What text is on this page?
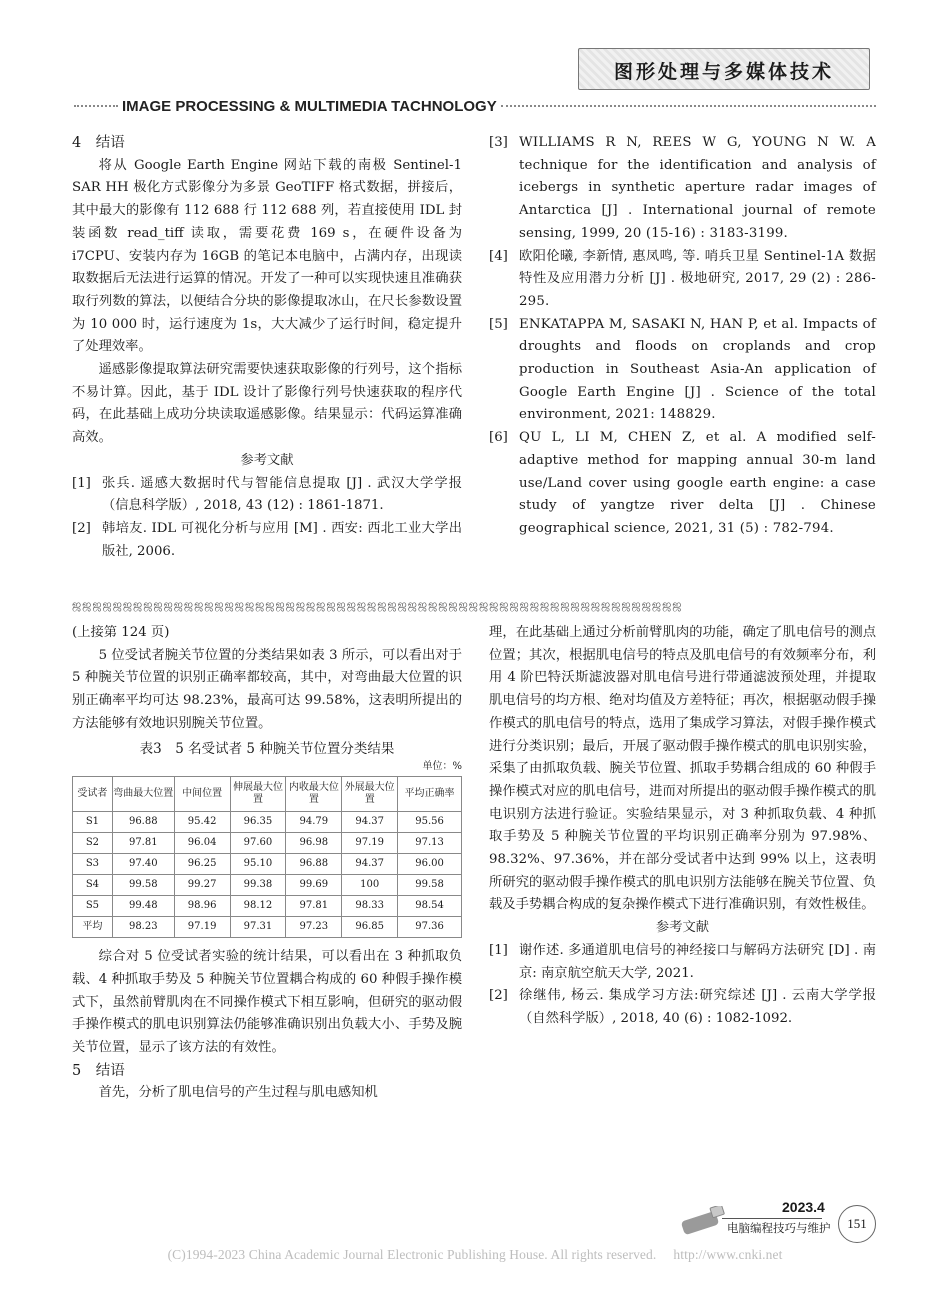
图形处理与多媒体技术
IMAGE PROCESSING & MULTIMEDIA TACHNOLOGY

4　结语

将从 Google Earth Engine 网站下载的南极 Sentinel-1 SAR HH 极化方式影像分为多景 GeoTIFF 格式数据，拼接后，其中最大的影像有 112 688 行 112 688 列，若直接使用 IDL 封装函数 read_tiff 读取，需要花费 169 s，在硬件设备为 i7CPU、安装内存为 16GB 的笔记本电脑中，占满内存，出现读取数据后无法进行运算的情况。开发了一种可以实现快速且准确获取行列数的算法，以便结合分块的影像提取冰山，在尺长参数设置为 10 000 时，运行速度为 1s，大大减少了运行时间，稳定提升了处理效率。

遥感影像提取算法研究需要快速获取影像的行列号，这个指标不易计算。因此，基于 IDL 设计了影像行列号快速获取的程序代码，在此基础上成功分块读取遥感影像。结果显示：代码运算准确高效。

参考文献

[1] 张兵. 遥感大数据时代与智能信息提取 [J] . 武汉大学学报（信息科学版）, 2018, 43 (12) : 1861-1871.
[2] 韩培友. IDL 可视化分析与应用 [M] . 西安: 西北工业大学出版社, 2006.
[3] WILLIAMS R N, REES W G, YOUNG N W. A technique for the identification and analysis of icebergs in synthetic aperture radar images of Antarctica [J] . International journal of remote sensing, 1999, 20 (15-16) : 3183-3199.
[4] 欧阳伦曦, 李新情, 惠凤鸣, 等. 哨兵卫星 Sentinel-1A 数据特性及应用潜力分析 [J] . 极地研究, 2017, 29 (2) : 286-295.
[5] ENKATAPPA M, SASAKI N, HAN P, et al. Impacts of droughts and floods on croplands and crop production in Southeast Asia-An application of Google Earth Engine [J] . Science of the total environment, 2021: 148829.
[6] QU L, LI M, CHEN Z, et al. A modified self-adaptive method for mapping annual 30-m land use/Land cover using google earth engine: a case study of yangtze river delta [J] . Chinese geographical science, 2021, 31 (5) : 782-794.
ஜஜஜஜஜஜஜஜஜஜஜஜஜஜஜஜஜஜஜஜஜஜஜஜஜஜஜஜஜஜஜஜஜஜஜஜஜஜஜஜஜஜஜஜஜஜஜஜஜஜஜஜஜஜஜஜஜஜஜஜ

(上接第 124 页)

5 位受试者腕关节位置的分类结果如表 3 所示，可以看出对于 5 种腕关节位置的识别正确率都较高，其中，对弯曲最大位置的识别正确率平均可达 98.23%，最高可达 99.58%，这表明所提出的方法能够有效地识别腕关节位置。

表3　5 名受试者 5 种腕关节位置分类结果

单位：%
受试者	弯曲最大位置	中间位置	伸展最大位置	内收最大位置	外展最大位置	平均正确率
S1	96.88	95.42	96.35	94.79	94.37	95.56
S2	97.81	96.04	97.60	96.98	97.19	97.13
S3	97.40	96.25	95.10	96.88	94.37	96.00
S4	99.58	99.27	99.38	99.69	100	99.58
S5	99.48	98.96	98.12	97.81	98.33	98.54
平均	98.23	97.19	97.31	97.23	96.85	97.36

综合对 5 位受试者实验的统计结果，可以看出在 3 种抓取负载、4 种抓取手势及 5 种腕关节位置耦合构成的 60 种假手操作模式下，虽然前臂肌肉在不同操作模式下相互影响，但研究的驱动假手操作模式的肌电识别算法仍能够准确识别出负载大小、手势及腕关节位置，显示了该方法的有效性。

5　结语

首先，分析了肌电信号的产生过程与肌电感知机

理，在此基础上通过分析前臂肌肉的功能，确定了肌电信号的测点位置；其次，根据肌电信号的特点及肌电信号的有效频率分布，利用 4 阶巴特沃斯滤波器对肌电信号进行带通滤波预处理，并提取肌电信号的均方根、绝对均值及方差特征；再次，根据驱动假手操作模式的肌电信号的特点，选用了集成学习算法，对假手操作模式进行分类识别；最后，开展了驱动假手操作模式的肌电识别实验，采集了由抓取负载、腕关节位置、抓取手势耦合组成的 60 种假手操作模式对应的肌电信号，进而对所提出的驱动假手操作模式的肌电识别方法进行验证。实验结果显示，对 3 种抓取负载、4 种抓取手势及 5 种腕关节位置的平均识别正确率分别为 97.98%、98.32%、97.36%，并在部分受试者中达到 99% 以上，这表明所研究的驱动假手操作模式的肌电识别方法能够在腕关节位置、负载及手势耦合构成的复杂操作模式下进行准确识别，有效性极佳。

参考文献

[1] 谢作述. 多通道肌电信号的神经接口与解码方法研究 [D] . 南京: 南京航空航天大学, 2021.
[2] 徐继伟, 杨云. 集成学习方法:研究综述 [J] . 云南大学学报（自然科学版）, 2018, 40 (6) : 1082-1092.
2023.4
电脑编程技巧与维护	151
(C)1994-2023 China Academic Journal Electronic Publishing House. All rights reserved.　 http://www.cnki.net
